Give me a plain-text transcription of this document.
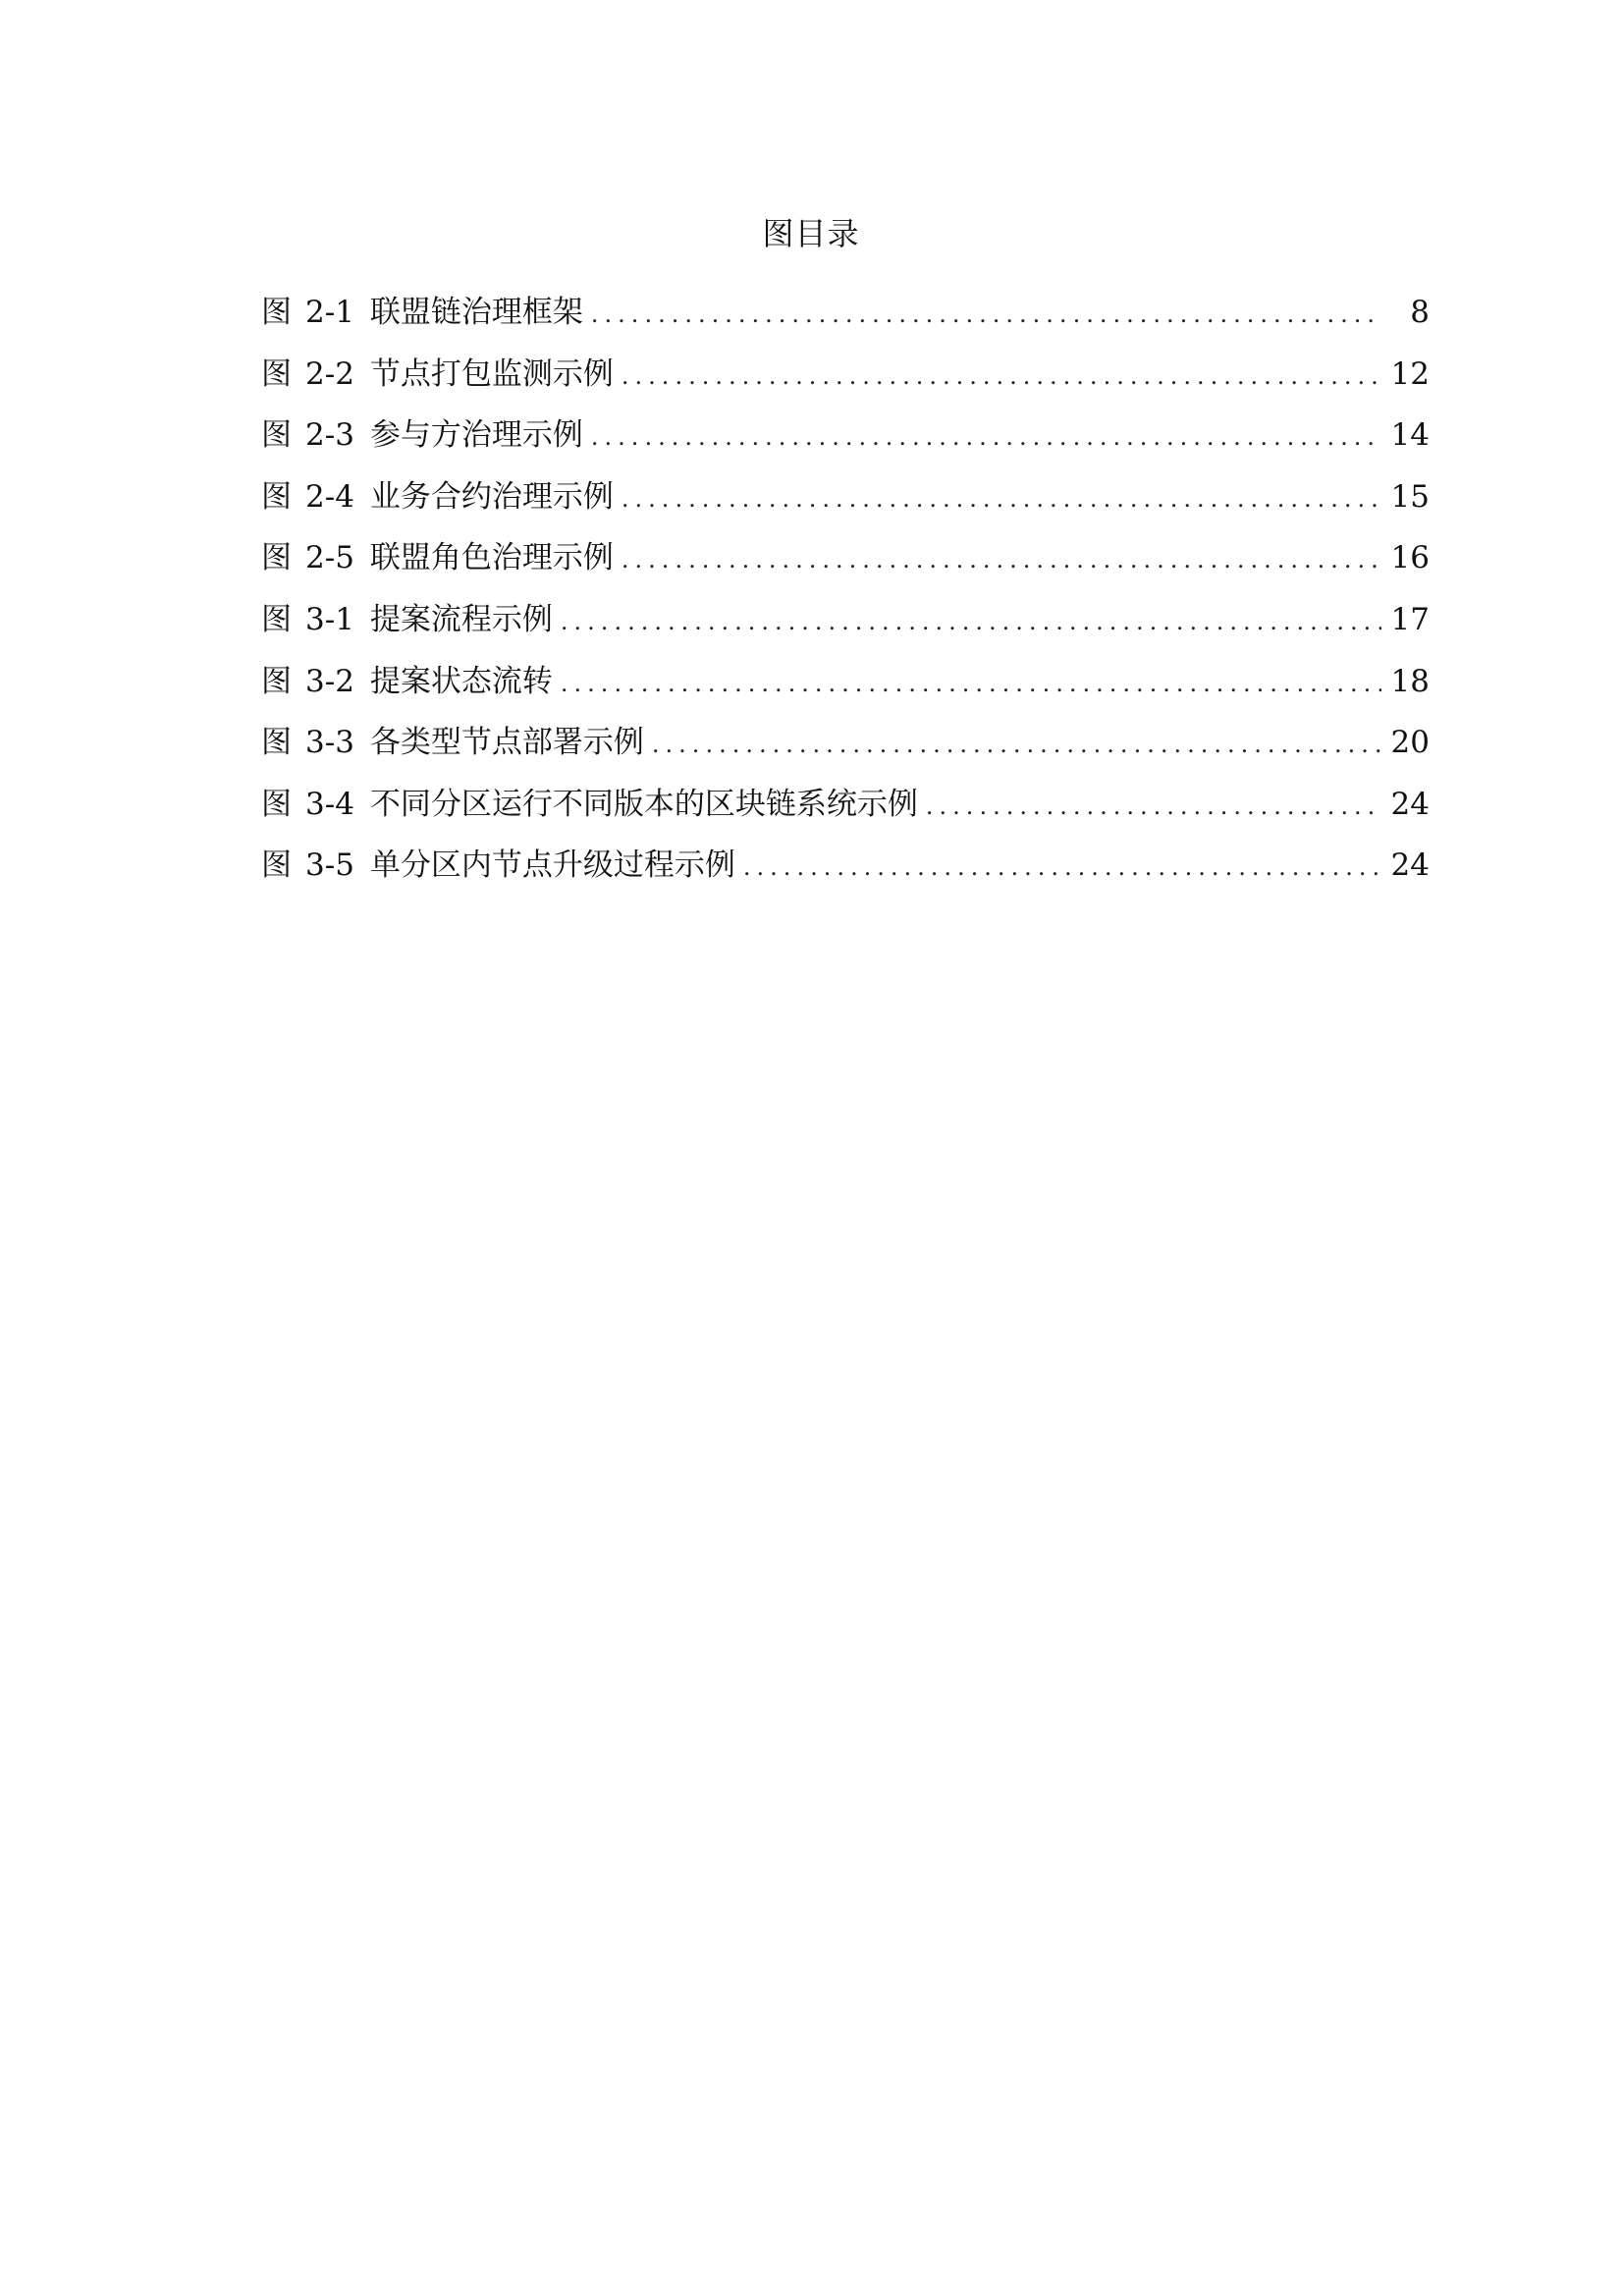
图目录
图 2-1 联盟链治理框架 .....	8
图 2-2 节点打包监测示例 .....	12
图 2-3 参与方治理示例 .....	14
图 2-4 业务合约治理示例 .....	15
图 2-5 联盟角色治理示例 .....	16
图 3-1 提案流程示例 .....	17
图 3-2 提案状态流转 .....	18
图 3-3 各类型节点部署示例 .....	20
图 3-4 不同分区运行不同版本的区块链系统示例 .....	24
图 3-5 单分区内节点升级过程示例 .....	24
